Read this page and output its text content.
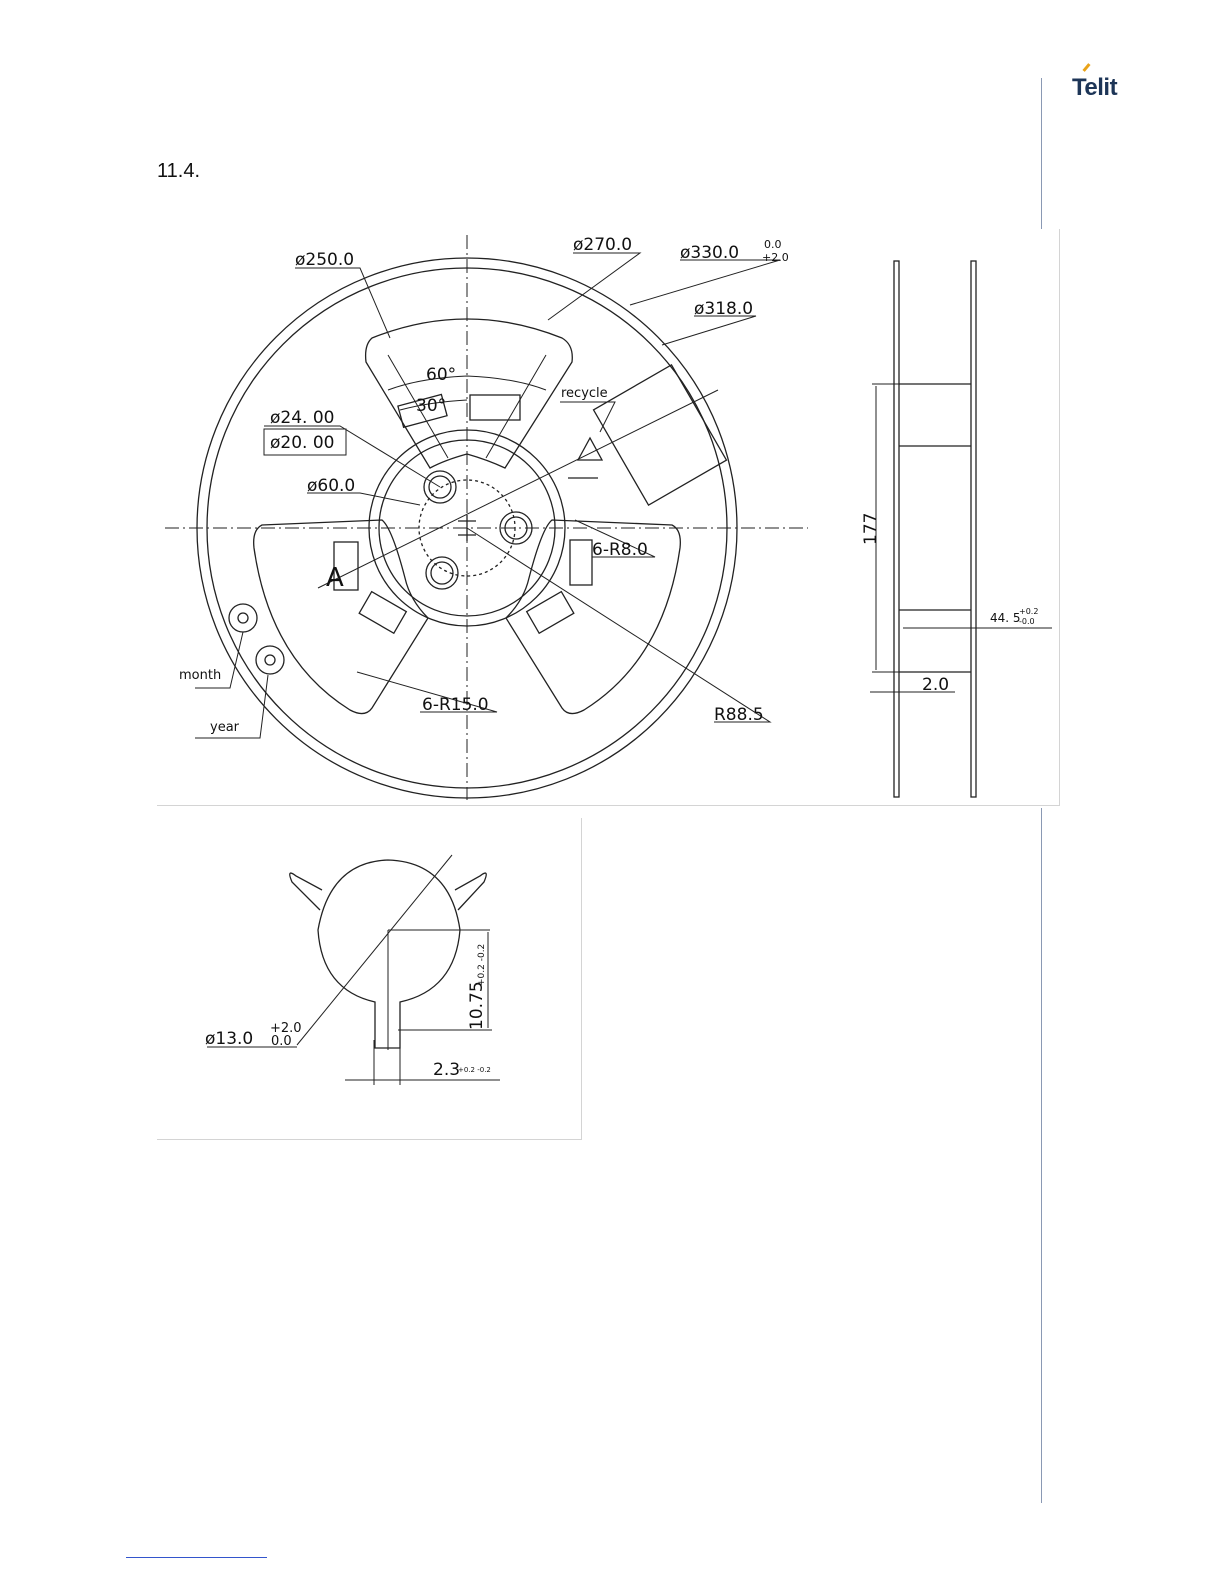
Telit
11.4.
ø250.0
ø270.0	ø330.0 0.0
+2.0
ø318.0
60°
30°
ø24. 00
ø20. 00
ø60.0
recycle
6-R8.0
A
month
year
6-R15.0	R88.5
177
44. 5
+0.2
-0.0
2.0
ø13.0
+2.0
0.0
10.75
+0.2 -0.2
2.3
+0.2 -0.2
